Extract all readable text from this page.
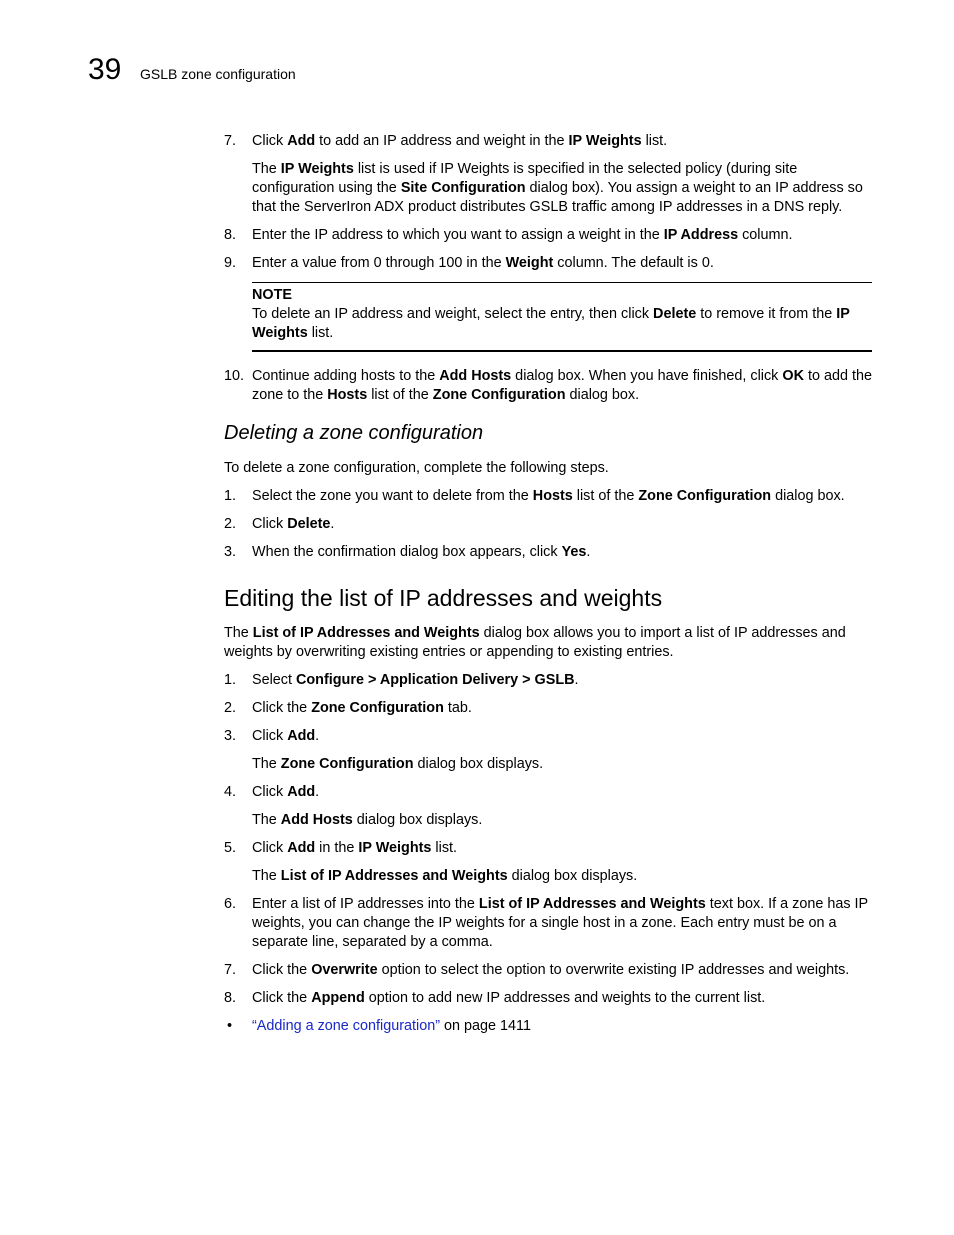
39 GSLB zone configuration
7. Click Add to add an IP address and weight in the IP Weights list.
The IP Weights list is used if IP Weights is specified in the selected policy (during site configuration using the Site Configuration dialog box). You assign a weight to an IP address so that the ServerIron ADX product distributes GSLB traffic among IP addresses in a DNS reply.
8. Enter the IP address to which you want to assign a weight in the IP Address column.
9. Enter a value from 0 through 100 in the Weight column. The default is 0.
NOTE
To delete an IP address and weight, select the entry, then click Delete to remove it from the IP Weights list.
10. Continue adding hosts to the Add Hosts dialog box. When you have finished, click OK to add the zone to the Hosts list of the Zone Configuration dialog box.
Deleting a zone configuration
To delete a zone configuration, complete the following steps.
1. Select the zone you want to delete from the Hosts list of the Zone Configuration dialog box.
2. Click Delete.
3. When the confirmation dialog box appears, click Yes.
Editing the list of IP addresses and weights
The List of IP Addresses and Weights dialog box allows you to import a list of IP addresses and weights by overwriting existing entries or appending to existing entries.
1. Select Configure > Application Delivery > GSLB.
2. Click the Zone Configuration tab.
3. Click Add.
The Zone Configuration dialog box displays.
4. Click Add.
The Add Hosts dialog box displays.
5. Click Add in the IP Weights list.
The List of IP Addresses and Weights dialog box displays.
6. Enter a list of IP addresses into the List of IP Addresses and Weights text box. If a zone has IP weights, you can change the IP weights for a single host in a zone. Each entry must be on a separate line, separated by a comma.
7. Click the Overwrite option to select the option to overwrite existing IP addresses and weights.
8. Click the Append option to add new IP addresses and weights to the current list.
• “Adding a zone configuration” on page 1411
